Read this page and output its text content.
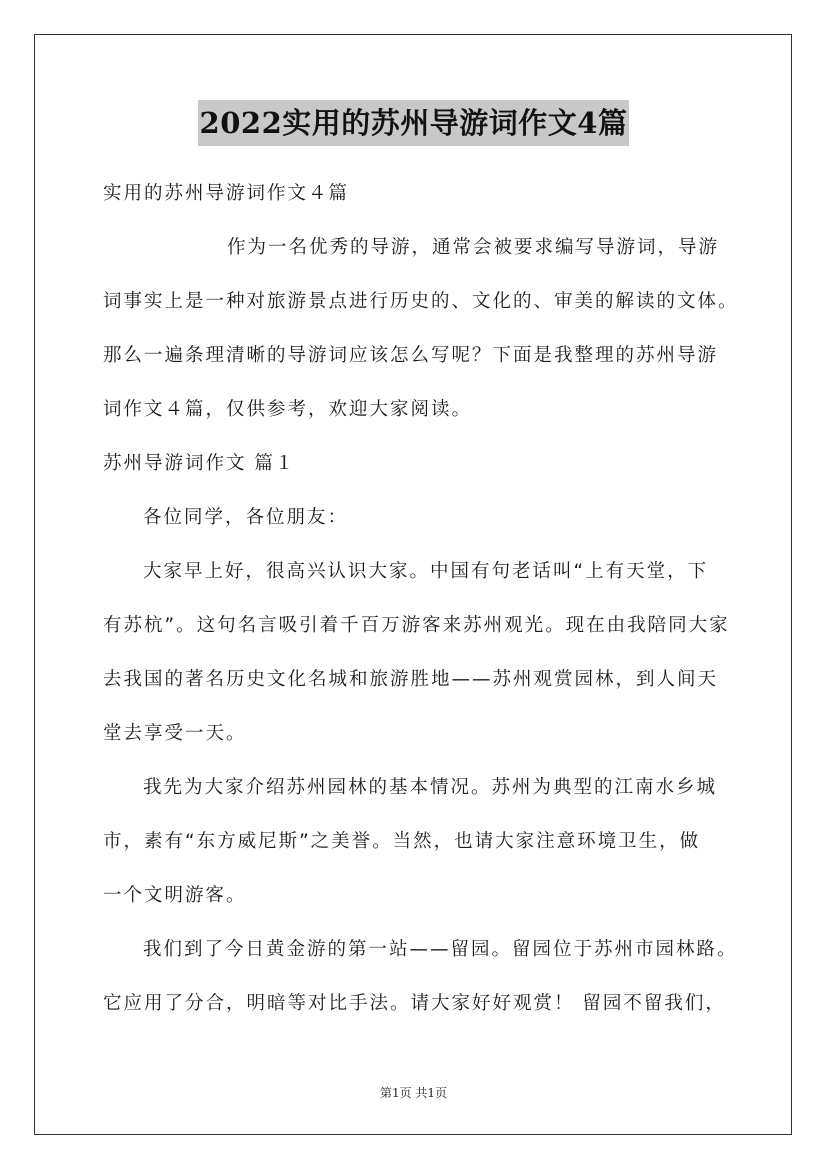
2022实用的苏州导游词作文4篇
实用的苏州导游词作文４篇
作为一名优秀的导游，通常会被要求编写导游词，导游
词事实上是一种对旅游景点进行历史的、文化的、审美的解读的文体。
那么一遍条理清晰的导游词应该怎么写呢？下面是我整理的苏州导游
词作文４篇，仅供参考，欢迎大家阅读。
苏州导游词作文 篇１
各位同学，各位朋友：
大家早上好，很高兴认识大家。中国有句老话叫“上有天堂，下
有苏杭”。这句名言吸引着千百万游客来苏州观光。现在由我陪同大家
去我国的著名历史文化名城和旅游胜地——苏州观赏园林，到人间天
堂去享受一天。
我先为大家介绍苏州园林的基本情况。苏州为典型的江南水乡城
市，素有“东方威尼斯”之美誉。当然，也请大家注意环境卫生，做
一个文明游客。
我们到了今日黄金游的第一站——留园。留园位于苏州市园林路。
它应用了分合，明暗等对比手法。请大家好好观赏！ 留园不留我们，
第1页 共1页
